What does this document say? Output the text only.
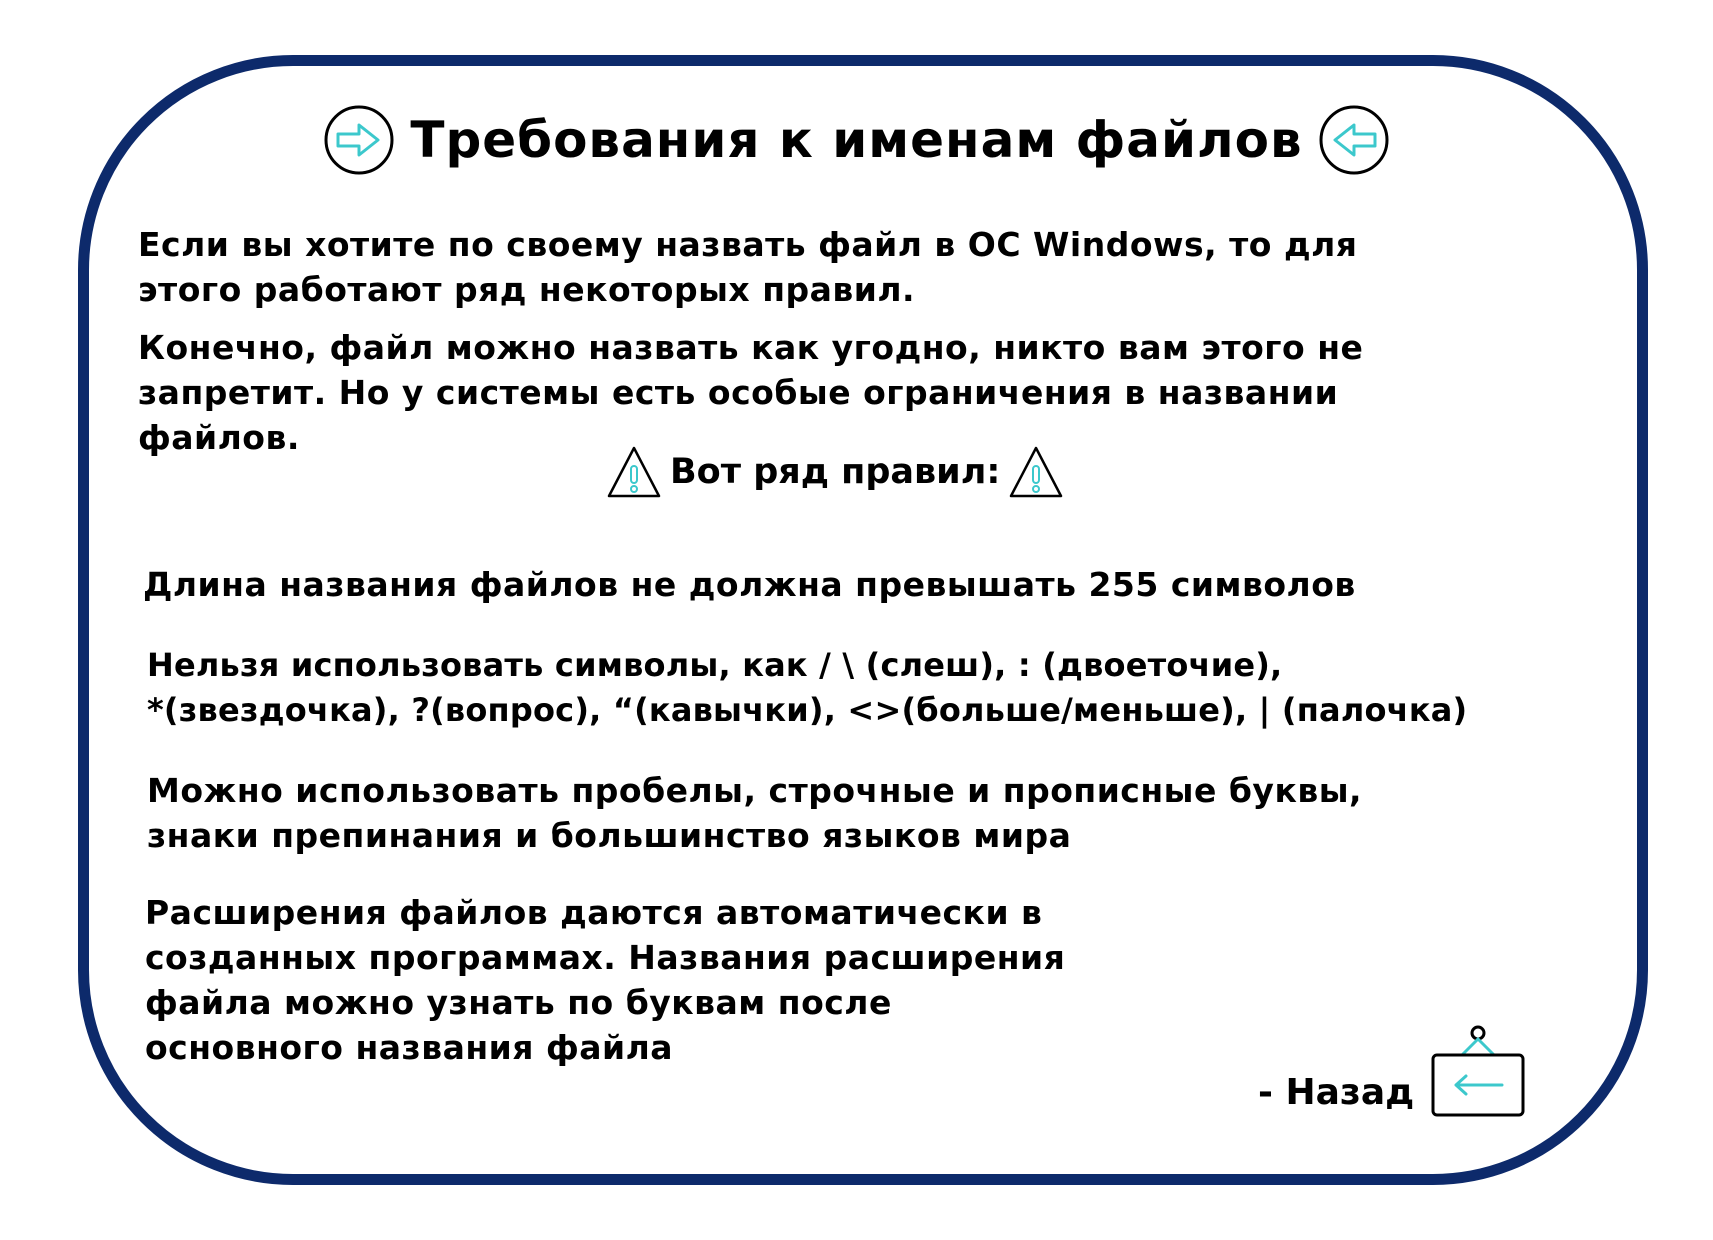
Требования к именам файлов
Если вы хотите по своему назвать файл в ОС Windows, то для
этого работают ряд некоторых правил.
Конечно, файл можно назвать как угодно, никто вам этого не
запретит. Но у системы есть особые ограничения в названии
файлов.
Вот ряд правил:
Длина названия файлов не должна превышать 255 символов
Нельзя использовать символы, как / \ (слеш), : (двоеточие),
*(звездочка), ?(вопрос), “(кавычки), <>(больше/меньше), | (палочка)
Можно использовать пробелы, строчные и прописные буквы,
знаки препинания и большинство языков мира
Расширения файлов даются автоматически в
созданных программах. Названия расширения
файла можно узнать по буквам после
основного названия файла
- Назад
